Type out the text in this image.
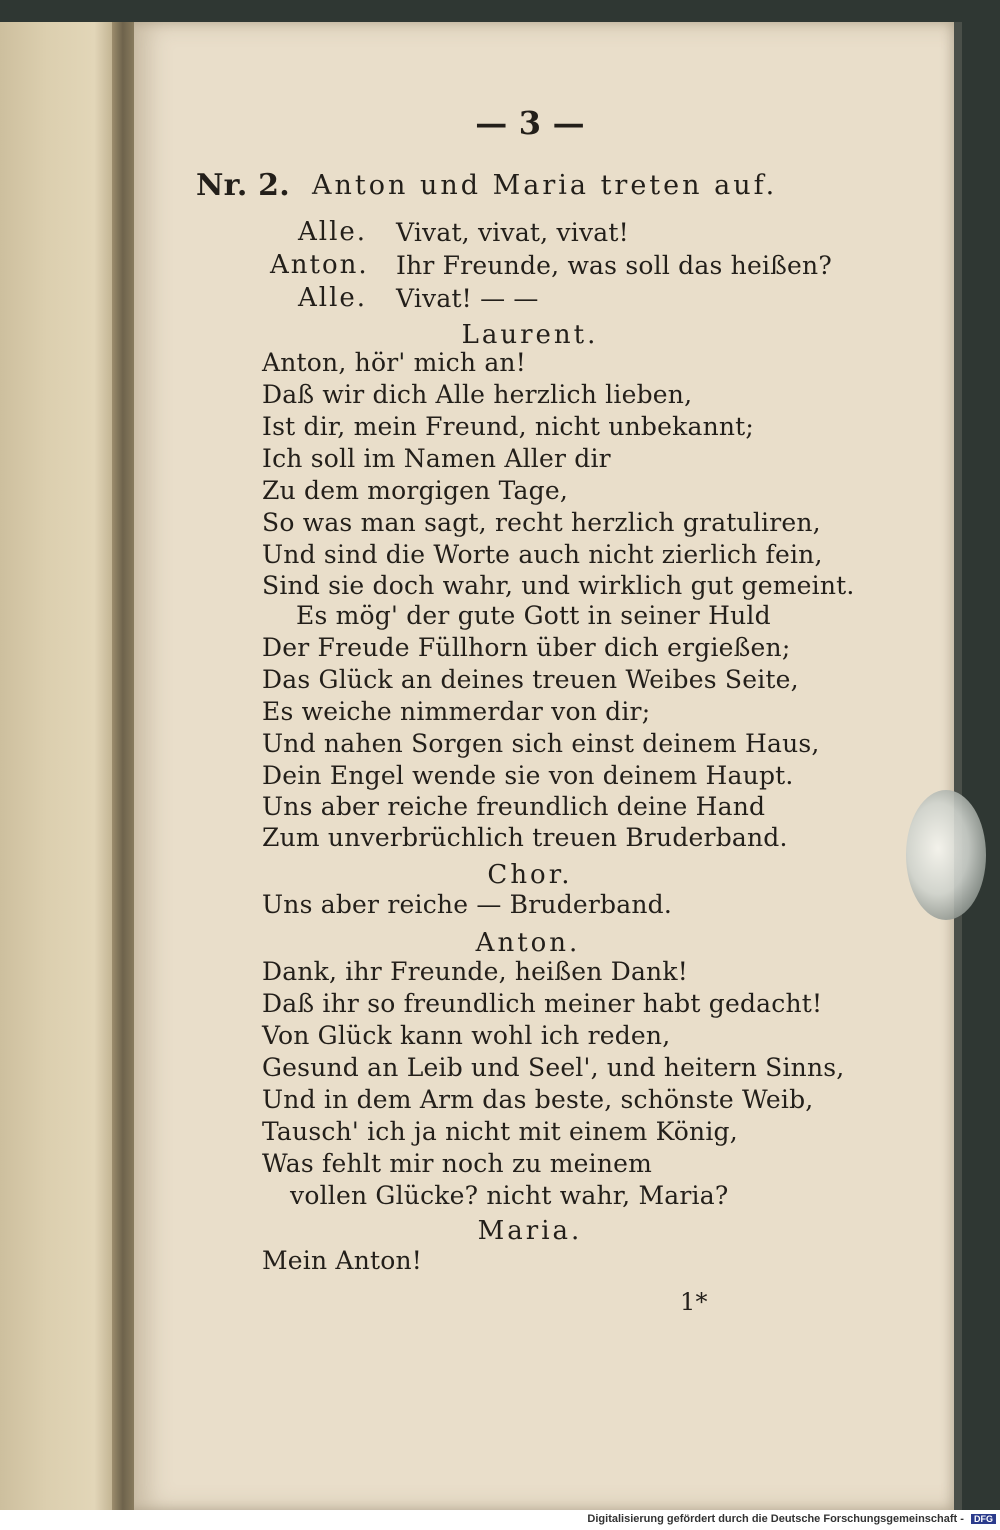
— 3 —
Nr. 2. Anton und Maria treten auf.
Alle. Vivat, vivat, vivat!
Anton. Ihr Freunde, was soll das heißen?
Alle. Vivat! — —
Laurent.
Anton, hör' mich an!
Daß wir dich Alle herzlich lieben,
Ist dir, mein Freund, nicht unbekannt;
Ich soll im Namen Aller dir
Zu dem morgigen Tage,
So was man sagt, recht herzlich gratuliren,
Und sind die Worte auch nicht zierlich fein,
Sind sie doch wahr, und wirklich gut gemeint.
Es mög' der gute Gott in seiner Huld
Der Freude Füllhorn über dich ergießen;
Das Glück an deines treuen Weibes Seite,
Es weiche nimmerdar von dir;
Und nahen Sorgen sich einst deinem Haus,
Dein Engel wende sie von deinem Haupt.
Uns aber reiche freundlich deine Hand
Zum unverbrüchlich treuen Bruderband.
Chor.
Uns aber reiche — Bruderband.
Anton.
Dank, ihr Freunde, heißen Dank!
Daß ihr so freundlich meiner habt gedacht!
Von Glück kann wohl ich reden,
Gesund an Leib und Seel', und heitern Sinns,
Und in dem Arm das beste, schönste Weib,
Tausch' ich ja nicht mit einem König,
Was fehlt mir noch zu meinem
vollen Glücke? nicht wahr, Maria?
Maria.
Mein Anton!
1*
Digitalisierung gefördert durch die Deutsche Forschungsgemeinschaft - DFG
